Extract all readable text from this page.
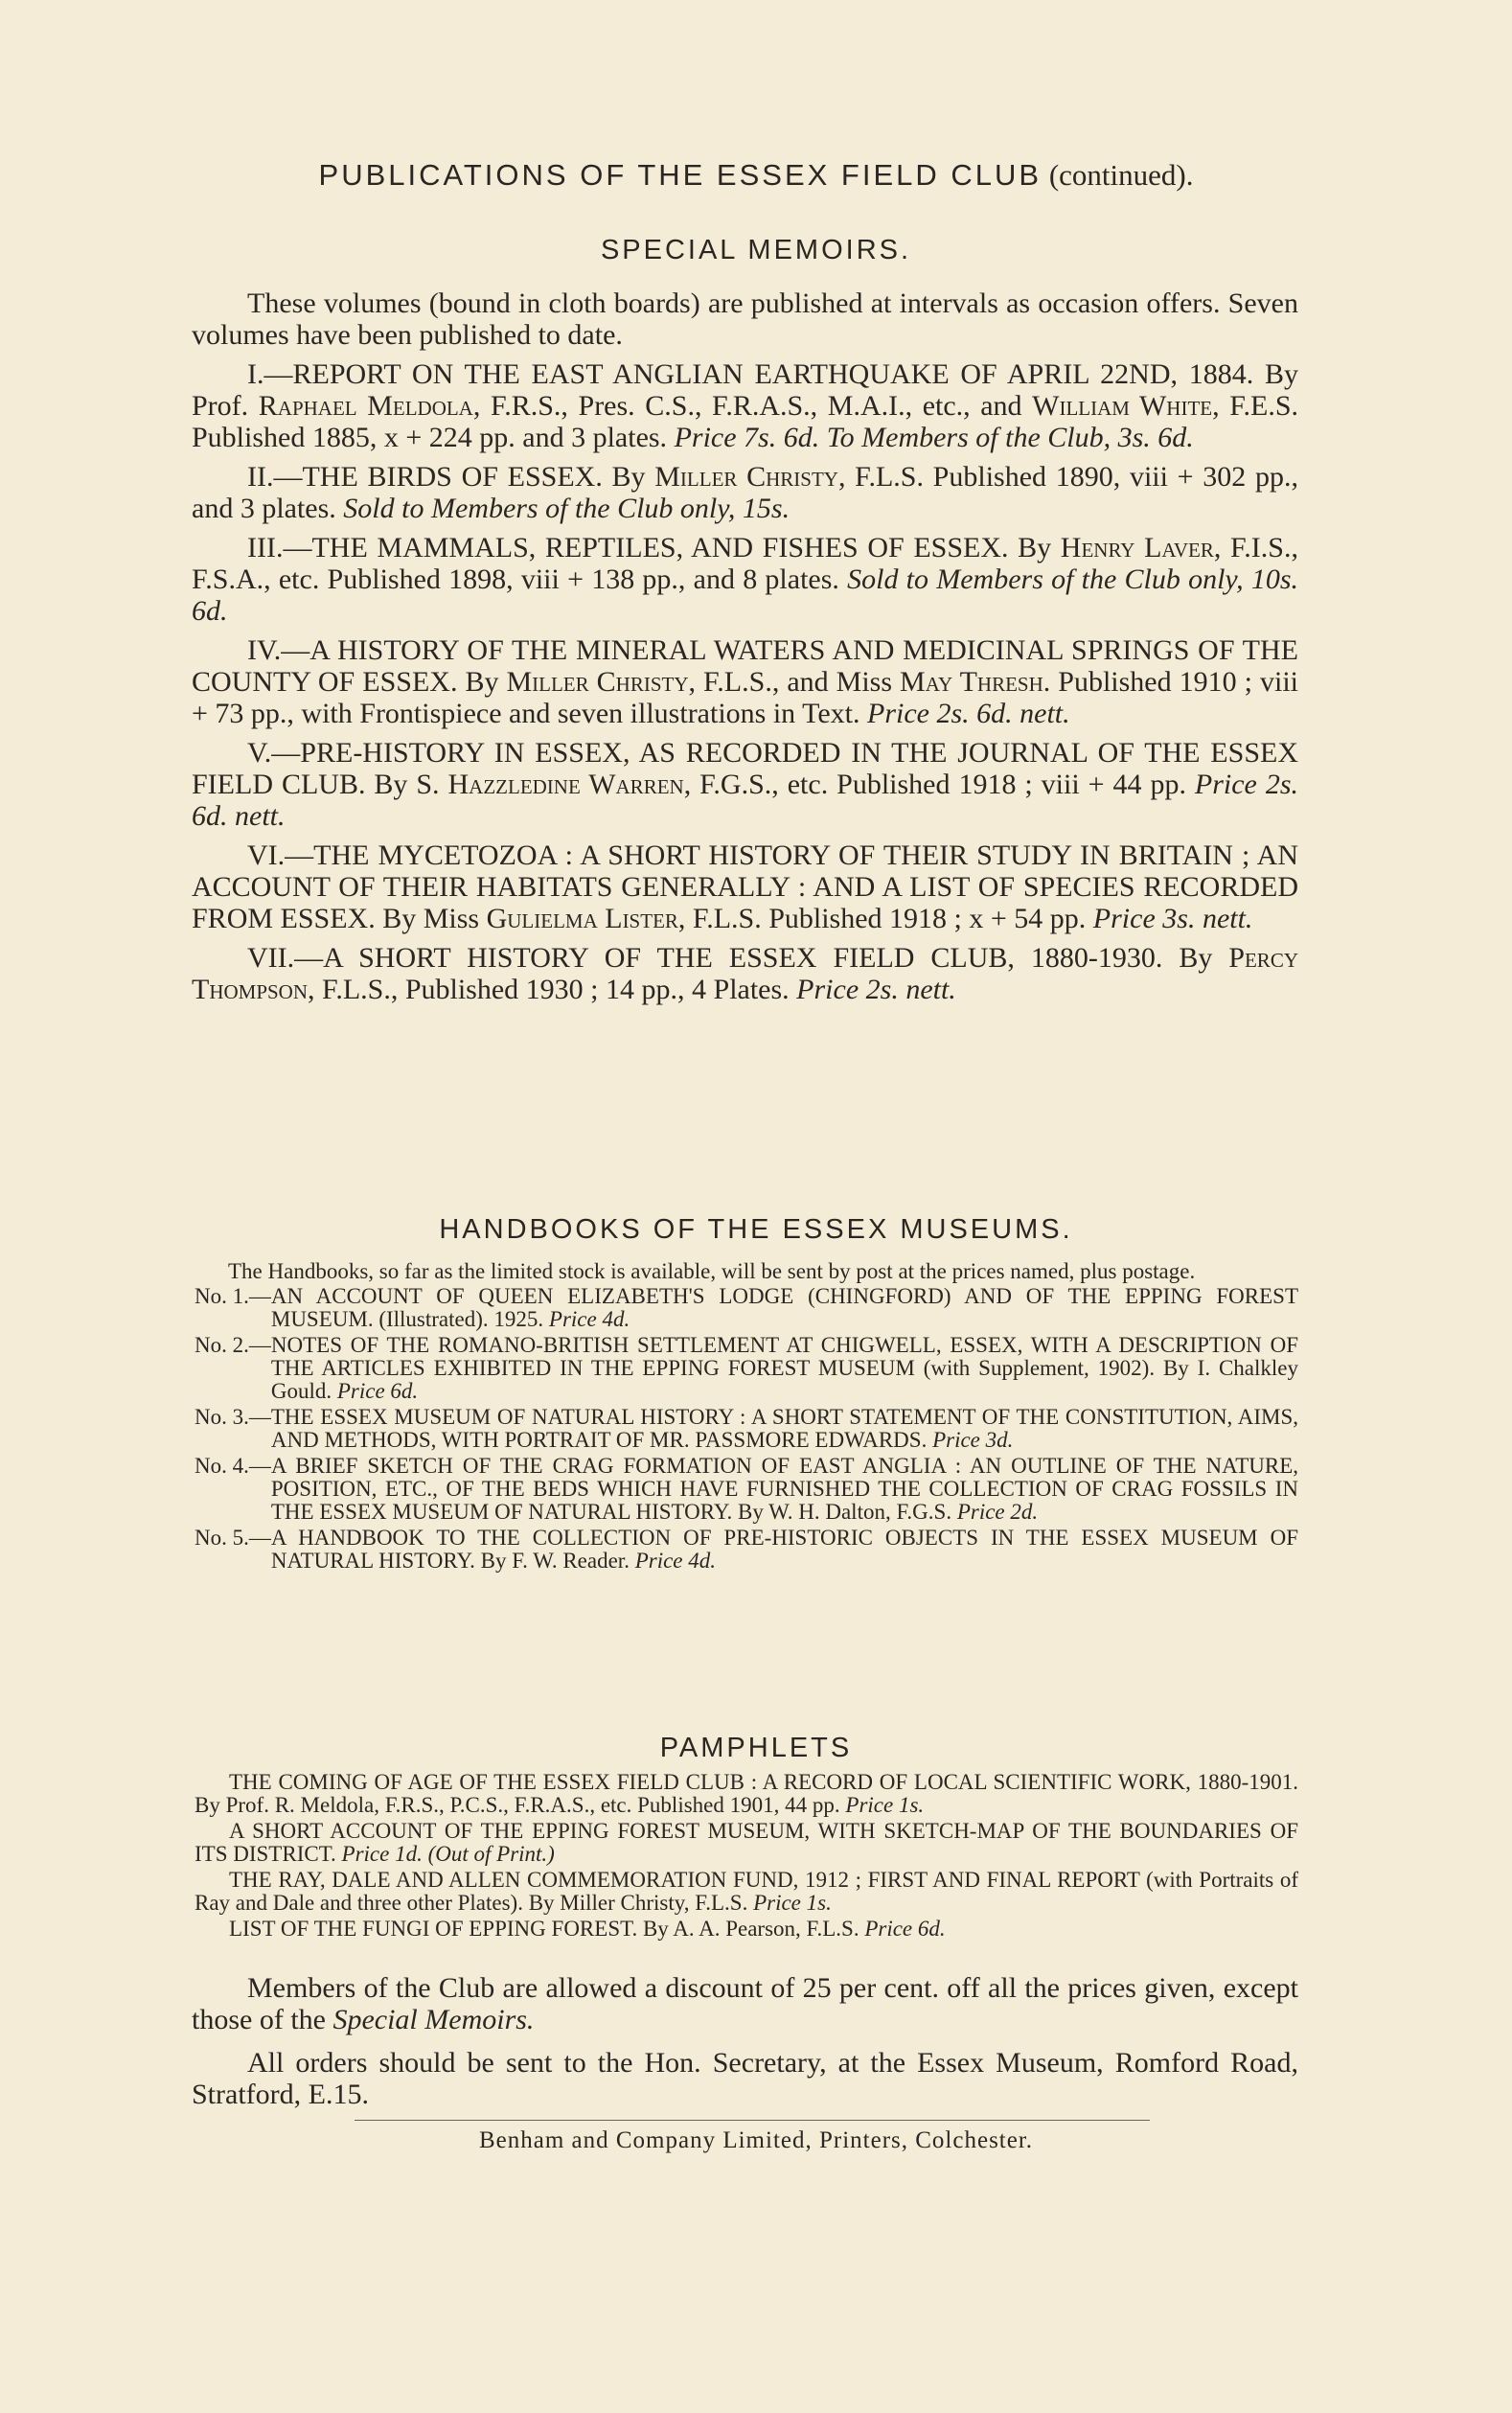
PUBLICATIONS OF THE ESSEX FIELD CLUB (continued).
SPECIAL MEMOIRS.

These volumes (bound in cloth boards) are published at intervals as occasion offers. Seven volumes have been published to date.

I.—REPORT ON THE EAST ANGLIAN EARTHQUAKE OF APRIL 22ND, 1884. By Prof. Raphael Meldola, F.R.S., Pres. C.S., F.R.A.S., M.A.I., etc., and William White, F.E.S. Published 1885, x + 224 pp. and 3 plates. Price 7s. 6d. To Members of the Club, 3s. 6d.

II.—THE BIRDS OF ESSEX. By Miller Christy, F.L.S. Published 1890, viii + 302 pp., and 3 plates. Sold to Members of the Club only, 15s.

III.—THE MAMMALS, REPTILES, AND FISHES OF ESSEX. By Henry Laver, F.I.S., F.S.A., etc. Published 1898, viii + 138 pp., and 8 plates. Sold to Members of the Club only, 10s. 6d.

IV.—A HISTORY OF THE MINERAL WATERS AND MEDICINAL SPRINGS OF THE COUNTY OF ESSEX. By Miller Christy, F.L.S., and Miss May Thresh. Published 1910 ; viii + 73 pp., with Frontispiece and seven illustrations in Text. Price 2s. 6d. nett.

V.—PRE-HISTORY IN ESSEX, AS RECORDED IN THE JOURNAL OF THE ESSEX FIELD CLUB. By S. Hazzledine Warren, F.G.S., etc. Published 1918 ; viii + 44 pp. Price 2s. 6d. nett.

VI.—THE MYCETOZOA : A SHORT HISTORY OF THEIR STUDY IN BRITAIN ; AN ACCOUNT OF THEIR HABITATS GENERALLY : AND A LIST OF SPECIES RECORDED FROM ESSEX. By Miss Gulielma Lister, F.L.S. Published 1918 ; x + 54 pp. Price 3s. nett.

VII.—A SHORT HISTORY OF THE ESSEX FIELD CLUB, 1880-1930. By Percy Thompson, F.L.S., Published 1930 ; 14 pp., 4 Plates. Price 2s. nett.

HANDBOOKS OF THE ESSEX MUSEUMS.

The Handbooks, so far as the limited stock is available, will be sent by post at the prices named, plus postage.

No. 1.— AN ACCOUNT OF QUEEN ELIZABETH'S LODGE (CHINGFORD) AND OF THE EPPING FOREST MUSEUM. (Illustrated). 1925. Price 4d.
No. 2.— NOTES OF THE ROMANO-BRITISH SETTLEMENT AT CHIGWELL, ESSEX, WITH A DESCRIPTION OF THE ARTICLES EXHIBITED IN THE EPPING FOREST MUSEUM (with Supplement, 1902). By I. Chalkley Gould. Price 6d.
No. 3.— THE ESSEX MUSEUM OF NATURAL HISTORY : A SHORT STATEMENT OF THE CONSTITUTION, AIMS, AND METHODS, WITH PORTRAIT OF MR. PASSMORE EDWARDS. Price 3d.
No. 4.— A BRIEF SKETCH OF THE CRAG FORMATION OF EAST ANGLIA : AN OUTLINE OF THE NATURE, POSITION, ETC., OF THE BEDS WHICH HAVE FURNISHED THE COLLECTION OF CRAG FOSSILS IN THE ESSEX MUSEUM OF NATURAL HISTORY. By W. H. Dalton, F.G.S. Price 2d.
No. 5.— A HANDBOOK TO THE COLLECTION OF PRE-HISTORIC OBJECTS IN THE ESSEX MUSEUM OF NATURAL HISTORY. By F. W. Reader. Price 4d.
PAMPHLETS

THE COMING OF AGE OF THE ESSEX FIELD CLUB : A RECORD OF LOCAL SCIENTIFIC WORK, 1880-1901. By Prof. R. Meldola, F.R.S., P.C.S., F.R.A.S., etc. Published 1901, 44 pp. Price 1s.

A SHORT ACCOUNT OF THE EPPING FOREST MUSEUM, WITH SKETCH-MAP OF THE BOUNDARIES OF ITS DISTRICT. Price 1d. (Out of Print.)

THE RAY, DALE AND ALLEN COMMEMORATION FUND, 1912 ; FIRST AND FINAL REPORT (with Portraits of Ray and Dale and three other Plates). By Miller Christy, F.L.S. Price 1s.

LIST OF THE FUNGI OF EPPING FOREST. By A. A. Pearson, F.L.S. Price 6d.

Members of the Club are allowed a discount of 25 per cent. off all the prices given, except those of the Special Memoirs.

All orders should be sent to the Hon. Secretary, at the Essex Museum, Romford Road, Stratford, E.15.

Benham and Company Limited, Printers, Colchester.
